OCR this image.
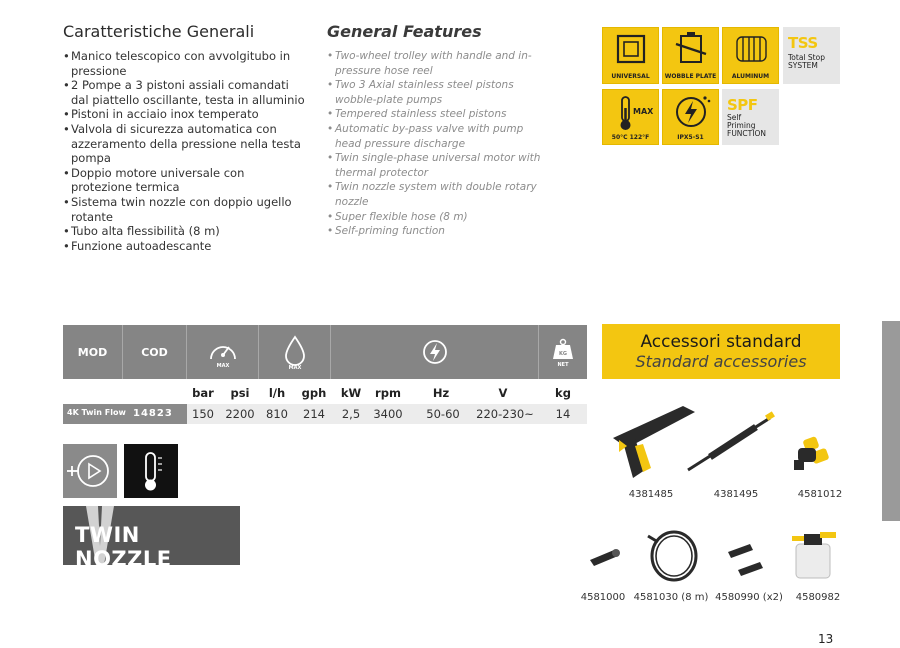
Caratteristiche Generali
• Manico telescopico con avvolgitubo in pressione
• 2 Pompe a 3 pistoni assiali comandati dal piattello oscillante, testa in alluminio
• Pistoni in acciaio inox temperato
• Valvola di sicurezza automatica con azzeramento della pressione nella testa pompa
• Doppio motore universale con protezione termica
• Sistema twin nozzle con doppio ugello rotante
• Tubo alta flessibilità (8 m)
• Funzione autoadescante
General Features
• Two-wheel trolley with handle and in-pressure hose reel
• Two 3 Axial stainless steel pistons wobble-plate pumps
• Tempered stainless steel pistons
• Automatic by-pass valve with pump head pressure discharge
• Twin single-phase universal motor with thermal protector
• Twin nozzle system with double rotary nozzle
• Super flexible hose (8 m)
• Self-priming function
UNIVERSAL	WOBBLE PLATE	ALUMINUM
TSS
Total Stop
SYSTEM
MAX
50°C 122°F	IPX5-S1
SPF
Self
Priming
FUNCTION
MOD	COD
MAX	MAX
KG
NET
bar	psi	l/h	gph	kW	rpm	Hz	V	kg
4K Twin Flow 14823	150 2200 810	214	2,5	3400	50-60	220-230~	14
TWIN NOZZLE
Accessori standard
Standard accessories
4381485	4381495	4581012
4581000 4581030 (8 m) 4580990 (x2)	4580982
13
